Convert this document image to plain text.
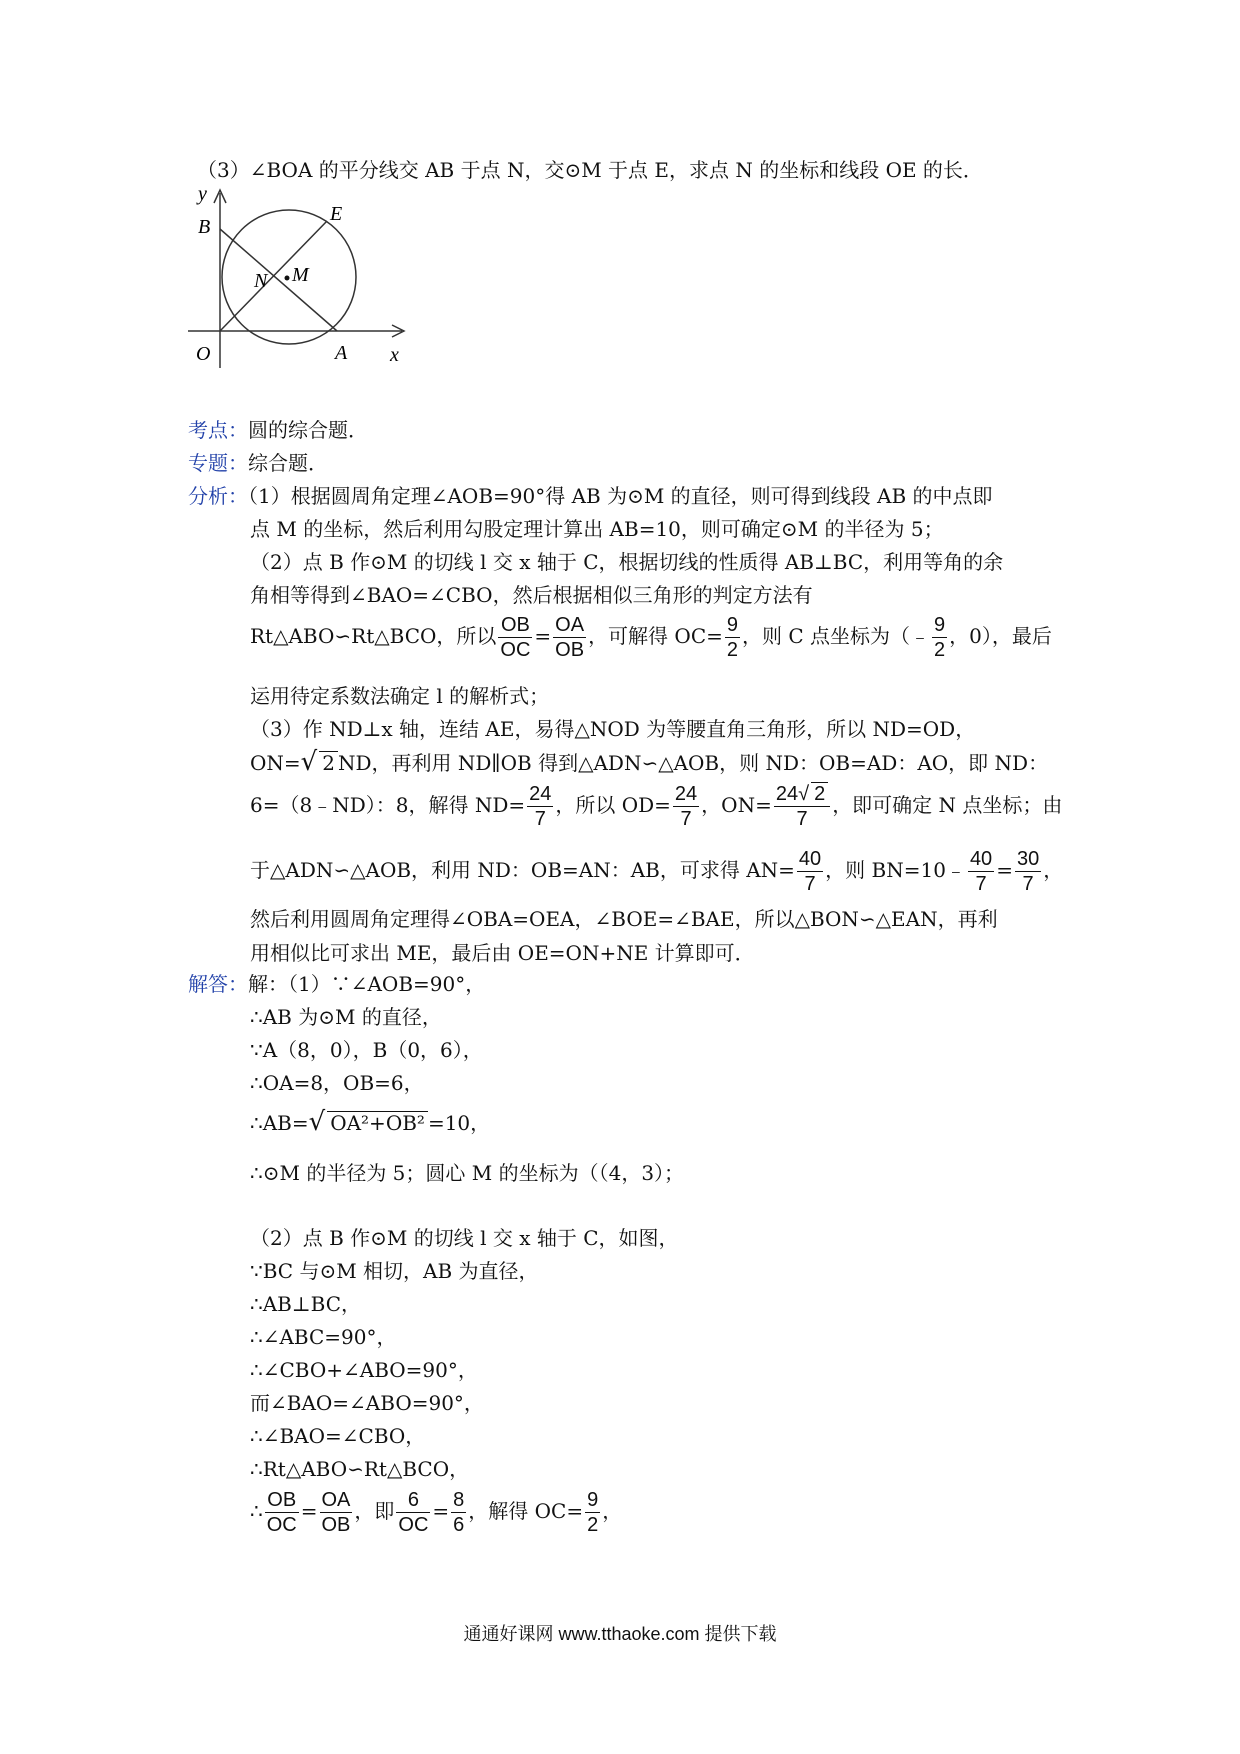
（3）∠BOA 的平分线交 AB 于点 N，交⊙M 于点 E，求点 N 的坐标和线段 OE 的长．
y
B
E
N M
O	A x
考点：圆的综合题．
专题：综合题．
分析：（1）根据圆周角定理∠AOB=90°得 AB 为⊙M 的直径，则可得到线段 AB 的中点即
点 M 的坐标，然后利用勾股定理计算出 AB=10，则可确定⊙M 的半径为 5；
（2）点 B 作⊙M 的切线 l 交 x 轴于 C，根据切线的性质得 AB⊥BC，利用等角的余
角相等得到∠BAO=∠CBO，然后根据相似三角形的判定方法有
Rt△ABO∽Rt△BCO，所以 $\frac{OB}{OC} = \frac{OA}{OB}$ ，可解得 $OC= \frac{9}{2}$ ，则 C 点坐标为（﹣ $\frac{9}{2}$ ，0），最后
运用待定系数法确定 l 的解析式；
（3）作 ND⊥x 轴，连结 AE，易得△NOD 为等腰直角三角形，所以 ND=OD，
ON=√ 2 ND，再利用 ND∥OB 得到△ADN∽△AOB，则 ND：OB=AD：AO，即 ND：
6=（8﹣ND）：8，解得 $ND= \frac{24}{7}$ ，所以 $OD= \frac{24}{7}$ ，$ON= \frac{24√ 2}{7}$ ，即可确定 N 点坐标；由
于△ADN∽△AOB，利用 ND：OB=AN：AB，可求得 $AN= \frac{40}{7}$ ，则 BN=10﹣ $\frac{40}{7} = \frac{30}{7}$ ，
然后利用圆周角定理得∠OBA=OEA，∠BOE=∠BAE，所以△BON∽△EAN，再利
用相似比可求出 ME，最后由 OE=ON+NE 计算即可．
解答：解：（1）∵∠AOB=90°，
∴AB 为⊙M 的直径，
∵A（8，0），B（0，6），
∴OA=8，OB=6，
∴AB=√ OA²+OB² =10，
∴⊙M 的半径为 5；圆心 M 的坐标为（（4，3）；
（2）点 B 作⊙M 的切线 l 交 x 轴于 C，如图，
∵BC 与⊙M 相切，AB 为直径，
∴AB⊥BC，
∴∠ABC=90°，
∴∠CBO+∠ABO=90°，
而∠BAO=∠ABO=90°，
∴∠BAO=∠CBO，
∴Rt△ABO∽Rt△BCO，
∴ $\frac{OB}{OC} = \frac{OA}{OB}$ ，即 $\frac{6}{OC} = \frac{8}{6}$ ，解得 $OC= \frac{9}{2}$ ，
通通好课网 www.tthaoke.com 提供下载
